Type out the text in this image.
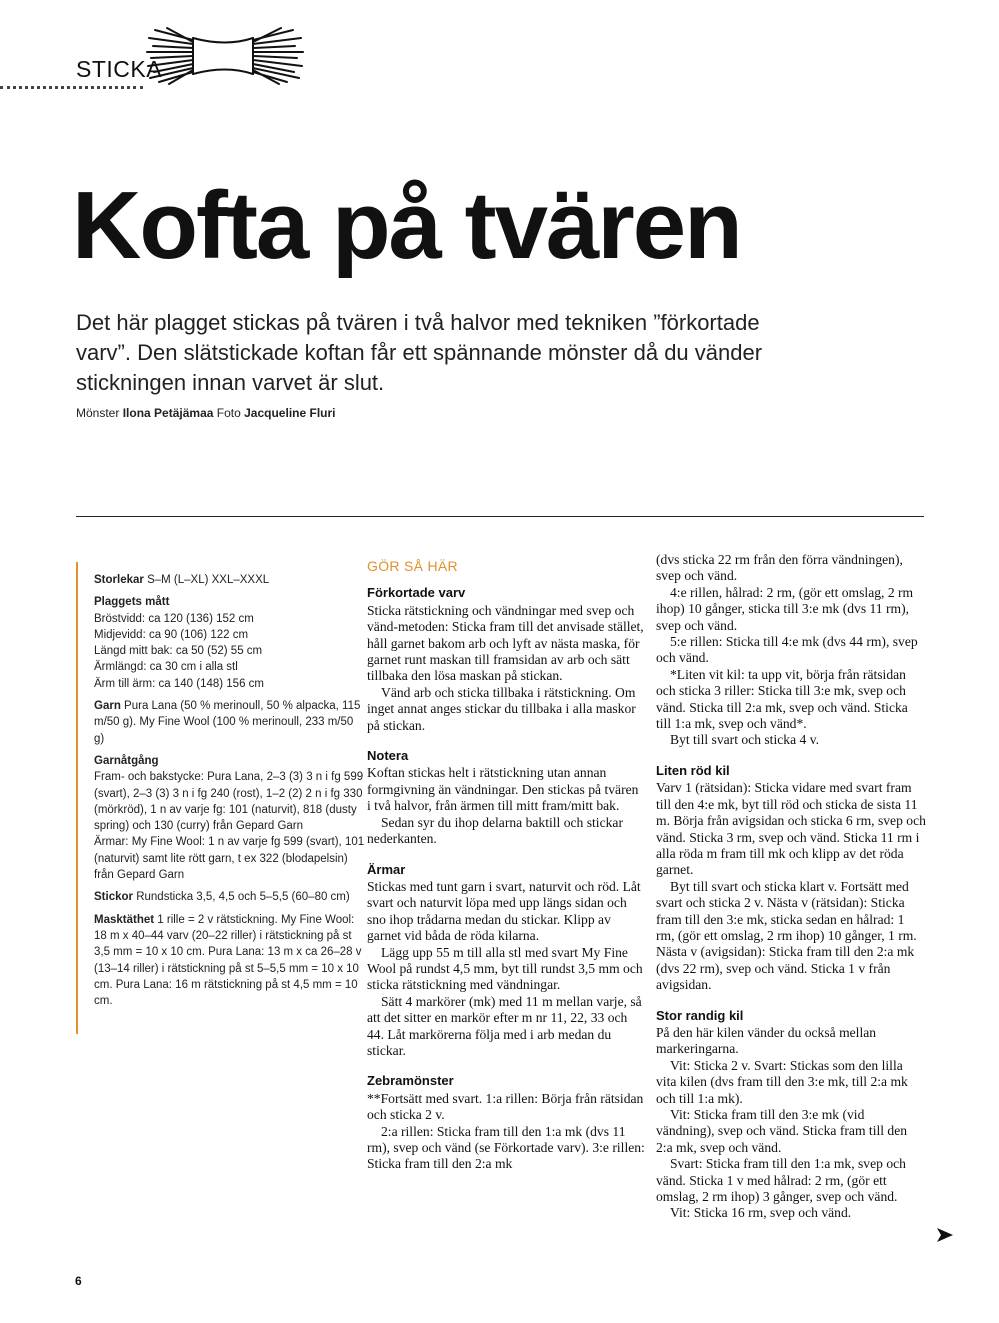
STICKA
Kofta på tvären

Det här plagget stickas på tvären i två halvor med tekniken ”förkortade varv”. Den slätstickade koftan får ett spännande mönster då du vänder stickningen innan varvet är slut.

Mönster Ilona Petäjämaa Foto Jacqueline Fluri
Storlekar S–M (L–XL) XXL–XXXL
Plaggets mått
Bröstvidd: ca 120 (136) 152 cm
Midjevidd: ca 90 (106) 122 cm
Längd mitt bak: ca 50 (52) 55 cm
Ärmlängd: ca 30 cm i alla stl
Ärm till ärm: ca 140 (148) 156 cm
Garn Pura Lana (50 % merinoull, 50 % alpacka, 115 m/50 g). My Fine Wool (100 % merinoull, 233 m/50 g)
Garnåtgång
Fram- och bakstycke: Pura Lana, 2–3 (3) 3 n i fg 599 (svart), 2–3 (3) 3 n i fg 240 (rost), 1–2 (2) 2 n i fg 330 (mörkröd), 1 n av varje fg: 101 (naturvit), 818 (dusty spring) och 130 (curry) från Gepard Garn
Ärmar: My Fine Wool: 1 n av varje fg 599 (svart), 101 (naturvit) samt lite rött garn, t ex 322 (blodapelsin) från Gepard Garn
Stickor Rundsticka 3,5, 4,5 och 5–5,5 (60–80 cm)
Masktäthet 1 rille = 2 v rätstickning. My Fine Wool: 18 m x 40–44 varv (20–22 riller) i rätstickning på st 3,5 mm = 10 x 10 cm. Pura Lana: 13 m x ca 26–28 v (13–14 riller) i rätstickning på st 5–5,5 mm = 10 x 10 cm. Pura Lana: 16 m rätstickning på st 4,5 mm = 10 cm.
GÖR SÅ HÄR
Förkortade varv

Sticka rätstickning och vändningar med svep och vänd-metoden: Sticka fram till det anvisade stället, håll garnet bakom arb och lyft av nästa maska, för garnet runt maskan till framsidan av arb och sätt tillbaka den lösa maskan på stickan.

Vänd arb och sticka tillbaka i rätstickning. Om inget annat anges stickar du tillbaka i alla maskor på stickan.

Notera

Koftan stickas helt i rätstickning utan annan formgivning än vändningar. Den stickas på tvären i två halvor, från ärmen till mitt fram/mitt bak.

Sedan syr du ihop delarna baktill och stickar nederkanten.

Ärmar

Stickas med tunt garn i svart, naturvit och röd. Låt svart och naturvit löpa med upp längs sidan och sno ihop trådarna medan du stickar. Klipp av garnet vid båda de röda kilarna.

Lägg upp 55 m till alla stl med svart My Fine Wool på rundst 4,5 mm, byt till rundst 3,5 mm och sticka rätstickning med vändningar.

Sätt 4 markörer (mk) med 11 m mellan varje, så att det sitter en markör efter m nr 11, 22, 33 och 44. Låt markörerna följa med i arb medan du stickar.

Zebramönster

**Fortsätt med svart. 1:a rillen: Börja från rätsidan och sticka 2 v.

2:a rillen: Sticka fram till den 1:a mk (dvs 11 rm), svep och vänd (se Förkortade varv). 3:e rillen: Sticka fram till den 2:a mk

(dvs sticka 22 rm från den förra vändningen), svep och vänd.

4:e rillen, hålrad: 2 rm, (gör ett omslag, 2 rm ihop) 10 gånger, sticka till 3:e mk (dvs 11 rm), svep och vänd.

5:e rillen: Sticka till 4:e mk (dvs 44 rm), svep och vänd.

*Liten vit kil: ta upp vit, börja från rätsidan och sticka 3 riller: Sticka till 3:e mk, svep och vänd. Sticka till 2:a mk, svep och vänd. Sticka till 1:a mk, svep och vänd*.

Byt till svart och sticka 4 v.

Liten röd kil

Varv 1 (rätsidan): Sticka vidare med svart fram till den 4:e mk, byt till röd och sticka de sista 11 m. Börja från avigsidan och sticka 6 rm, svep och vänd. Sticka 3 rm, svep och vänd. Sticka 11 rm i alla röda m fram till mk och klipp av det röda garnet.

Byt till svart och sticka klart v. Fortsätt med svart och sticka 2 v. Nästa v (rätsidan): Sticka fram till den 3:e mk, sticka sedan en hålrad: 1 rm, (gör ett omslag, 2 rm ihop) 10 gånger, 1 rm. Nästa v (avigsidan): Sticka fram till den 2:a mk (dvs 22 rm), svep och vänd. Sticka 1 v från avigsidan.

Stor randig kil

På den här kilen vänder du också mellan markeringarna.

Vit: Sticka 2 v. Svart: Stickas som den lilla vita kilen (dvs fram till den 3:e mk, till 2:a mk och till 1:a mk).

Vit: Sticka fram till den 3:e mk (vid vändning), svep och vänd. Sticka fram till den 2:a mk, svep och vänd.

Svart: Sticka fram till den 1:a mk, svep och vänd. Sticka 1 v med hålrad: 2 rm, (gör ett omslag, 2 rm ihop) 3 gånger, svep och vänd.

Vit: Sticka 16 rm, svep och vänd.

6
